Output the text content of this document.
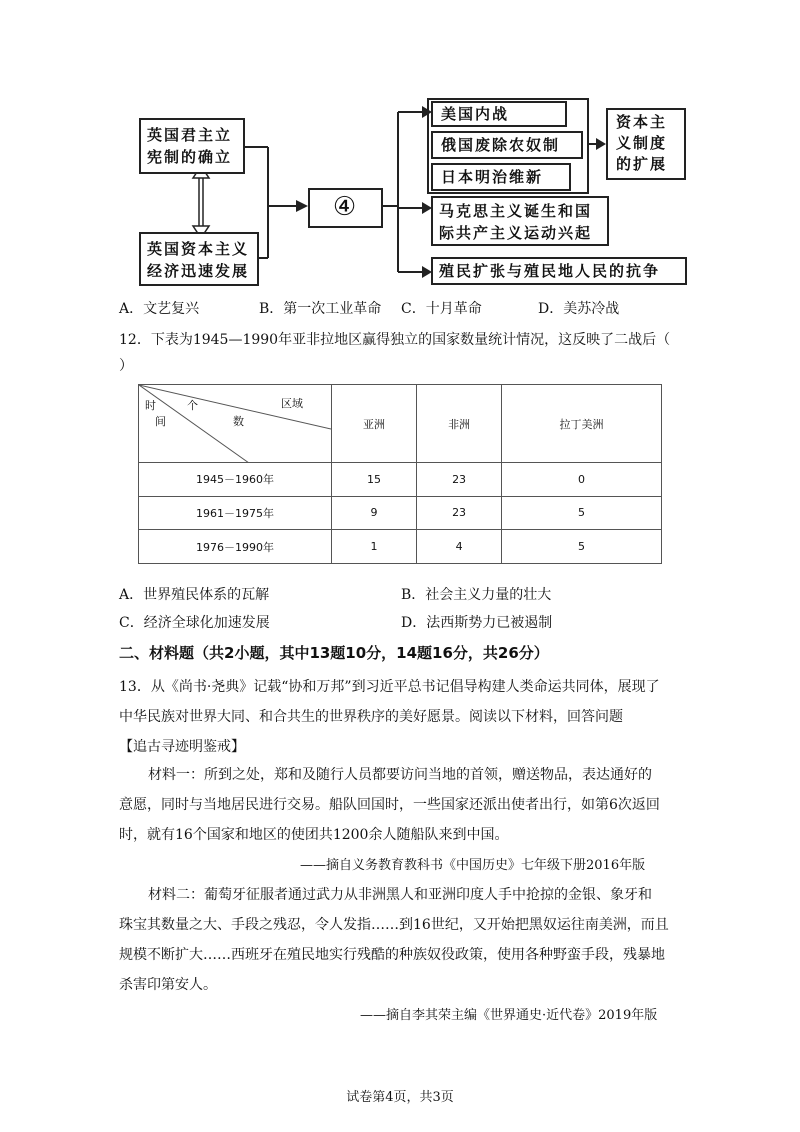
英国君主立
宪制的确立
英国资本主义
经济迅速发展
④
美国内战
俄国废除农奴制
日本明治维新
资本主
义制度
的扩展
马克思主义诞生和国
际共产主义运动兴起
殖民扩张与殖民地人民的抗争
A．文艺复兴	B．第一次工业革命 C．十月革命	D．美苏冷战
12．下表为1945—1990年亚非拉地区赢得独立的国家数量统计情况，这反映了二战后（
）
区域
时
间
个
数	亚洲	非洲	拉丁美洲
1945－1960年	15	23	0
1961－1975年	9	23	5
1976－1990年	1	4	5
A．世界殖民体系的瓦解	B．社会主义力量的壮大
C．经济全球化加速发展	D．法西斯势力已被遏制
二、材料题（共2小题，其中13题10分，14题16分，共26分）
13．从《尚书·尧典》记载“协和万邦”到习近平总书记倡导构建人类命运共同体，展现了
中华民族对世界大同、和合共生的世界秩序的美好愿景。阅读以下材料，回答问题
【追古寻迹明鉴戒】
材料一：所到之处，郑和及随行人员都要访问当地的首领，赠送物品，表达通好的
意愿，同时与当地居民进行交易。船队回国时，一些国家还派出使者出行，如第6次返回
时，就有16个国家和地区的使团共1200余人随船队来到中国。
——摘自义务教育教科书《中国历史》七年级下册2016年版
材料二：葡萄牙征服者通过武力从非洲黑人和亚洲印度人手中抢掠的金银、象牙和
珠宝其数量之大、手段之残忍，令人发指……到16世纪，又开始把黑奴运往南美洲，而且
规模不断扩大……西班牙在殖民地实行残酷的种族奴役政策，使用各种野蛮手段，残暴地
杀害印第安人。
——摘自李其荣主编《世界通史·近代卷》2019年版
试卷第4页，共3页
